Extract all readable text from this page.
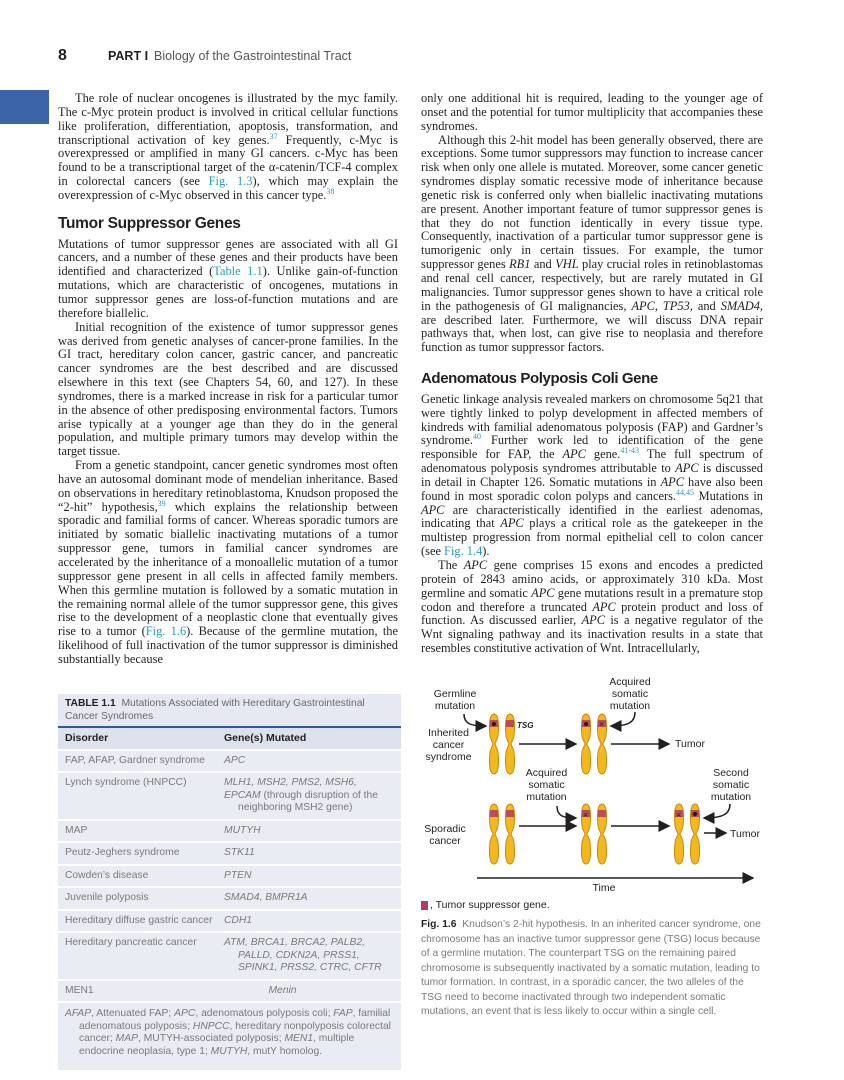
8	PART I Biology of the Gastrointestinal Tract

The role of nuclear oncogenes is illustrated by the myc family. The c-Myc protein product is involved in critical cellular functions like proliferation, differentiation, apoptosis, transformation, and transcriptional activation of key genes.$^{37}$ Frequently, c-Myc is overexpressed or amplified in many GI cancers. c-Myc has been found to be a transcriptional target of the α-catenin/TCF-4 complex in colorectal cancers (see Fig. 1.3), which may explain the overexpression of c-Myc observed in this cancer type.$^{38}$

Tumor Suppressor Genes

Mutations of tumor suppressor genes are associated with all GI cancers, and a number of these genes and their products have been identified and characterized (Table 1.1). Unlike gain-of-function mutations, which are characteristic of oncogenes, mutations in tumor suppressor genes are loss-of-function mutations and are therefore biallelic.

Initial recognition of the existence of tumor suppressor genes was derived from genetic analyses of cancer-prone families. In the GI tract, hereditary colon cancer, gastric cancer, and pancreatic cancer syndromes are the best described and are discussed elsewhere in this text (see Chapters 54, 60, and 127). In these syndromes, there is a marked increase in risk for a particular tumor in the absence of other predisposing environmental factors. Tumors arise typically at a younger age than they do in the general population, and multiple primary tumors may develop within the target tissue.

From a genetic standpoint, cancer genetic syndromes most often have an autosomal dominant mode of mendelian inheritance. Based on observations in hereditary retinoblastoma, Knudson proposed the “2-hit” hypothesis,$^{39}$ which explains the relationship between sporadic and familial forms of cancer. Whereas sporadic tumors are initiated by somatic biallelic inactivating mutations of a tumor suppressor gene, tumors in familial cancer syndromes are accelerated by the inheritance of a monoallelic mutation of a tumor suppressor gene present in all cells in affected family members. When this germline mutation is followed by a somatic mutation in the remaining normal allele of the tumor suppressor gene, this gives rise to the development of a neoplastic clone that eventually gives rise to a tumor (Fig. 1.6). Because of the germline mutation, the likelihood of full inactivation of the tumor suppressor is diminished substantially because

only one additional hit is required, leading to the younger age of onset and the potential for tumor multiplicity that accompanies these syndromes.

Although this 2-hit model has been generally observed, there are exceptions. Some tumor suppressors may function to increase cancer risk when only one allele is mutated. Moreover, some cancer genetic syndromes display somatic recessive mode of inheritance because genetic risk is conferred only when biallelic inactivating mutations are present. Another important feature of tumor suppressor genes is that they do not function identically in every tissue type. Consequently, inactivation of a particular tumor suppressor gene is tumorigenic only in certain tissues. For example, the tumor suppressor genes RB1 and VHL play crucial roles in retinoblastomas and renal cell cancer, respectively, but are rarely mutated in GI malignancies. Tumor suppressor genes shown to have a critical role in the pathogenesis of GI malignancies, APC, TP53, and SMAD4, are described later. Furthermore, we will discuss DNA repair pathways that, when lost, can give rise to neoplasia and therefore function as tumor suppressor factors.

Adenomatous Polyposis Coli Gene

Genetic linkage analysis revealed markers on chromosome 5q21 that were tightly linked to polyp development in affected members of kindreds with familial adenomatous polyposis (FAP) and Gardner’s syndrome.$^{40}$ Further work led to identification of the gene responsible for FAP, the APC gene.$^{41-43}$ The full spectrum of adenomatous polyposis syndromes attributable to APC is discussed in detail in Chapter 126. Somatic mutations in APC have also been found in most sporadic colon polyps and cancers.$^{44,45}$ Mutations in APC are characteristically identified in the earliest adenomas, indicating that APC plays a critical role as the gatekeeper in the multistep progression from normal epithelial cell to colon cancer (see Fig. 1.4).

The APC gene comprises 15 exons and encodes a predicted protein of 2843 amino acids, or approximately 310 kDa. Most germline and somatic APC gene mutations result in a premature stop codon and therefore a truncated APC protein product and loss of function. As discussed earlier, APC is a negative regulator of the Wnt signaling pathway and its inactivation results in a state that resembles constitutive activation of Wnt. Intracellularly,

TABLE 1.1 Mutations Associated with Hereditary Gastrointestinal Cancer Syndromes
Disorder	Gene(s) Mutated
FAP, AFAP, Gardner syndrome	APC
Lynch syndrome (HNPCC)	MLH1, MSH2, PMS2, MSH6,
EPCAM (through disruption of the
neighboring MSH2 gene)
MAP	MUTYH
Peutz-Jeghers syndrome	STK11
Cowden’s disease	PTEN
Juvenile polyposis	SMAD4, BMPR1A
Hereditary diffuse gastric cancer	CDH1
Hereditary pancreatic cancer	ATM, BRCA1, BRCA2, PALB2,
PALLD, CDKN2A, PRSS1,
SPINK1, PRSS2, CTRC, CFTR
MEN1	Menin
AFAP, Attenuated FAP; APC, adenomatous polyposis coli; FAP, familial
adenomatous polyposis; HNPCC, hereditary nonpolyposis colorectal cancer; MAP, MUTYH-associated polyposis; MEN1, multiple endocrine neoplasia, type 1; MUTYH, mutY homolog.
×
×	×
Germline mutation
Acquired somatic mutation
Inherited cancer syndrome
TSG
Tumor
Acquired somatic mutation
Second somatic mutation
Sporadic cancer
Tumor
Time
, Tumor suppressor gene.
Fig. 1.6 Knudson’s 2-hit hypothesis. In an inherited cancer syndrome, one chromosome has an inactive tumor suppressor gene (TSG) locus because of a germline mutation. The counterpart TSG on the remaining paired chromosome is subsequently inactivated by a somatic mutation, leading to tumor formation. In contrast, in a sporadic cancer, the two alleles of the TSG need to become inactivated through two independent somatic mutations, an event that is less likely to occur within a single cell.
